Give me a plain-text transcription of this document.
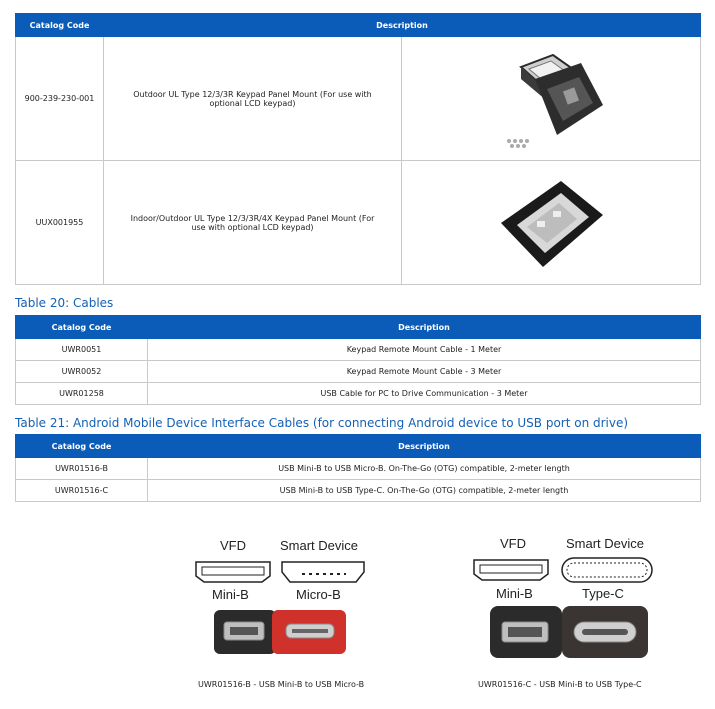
Catalog Code	Description	
900-239-230-001	Outdoor UL Type 12/3/3R Keypad Panel Mount (For use with optional LCD keypad)	

UUX001955	Indoor/Outdoor UL Type 12/3/3R/4X Keypad Panel Mount (For use with optional LCD keypad)	
Table 20: Cables
Catalog Code	Description
UWR0051	Keypad Remote Mount Cable - 1 Meter
UWR0052	Keypad Remote Mount Cable - 3 Meter
UWR01258	USB Cable for PC to Drive Communication - 3 Meter
Table 21: Android Mobile Device Interface Cables (for connecting Android device to USB port on drive)
Catalog Code	Description
UWR01516-B	USB Mini-B to USB Micro-B. On-The-Go (OTG) compatible, 2-meter length
UWR01516-C	USB Mini-B to USB Type-C. On-The-Go (OTG) compatible, 2-meter length
VFD	Smart Device
Mini-B	Micro-B
UWR01516-B - USB Mini-B to USB Micro-B
VFD	Smart Device
Mini-B	Type-C
UWR01516-C - USB Mini-B to USB Type-C
